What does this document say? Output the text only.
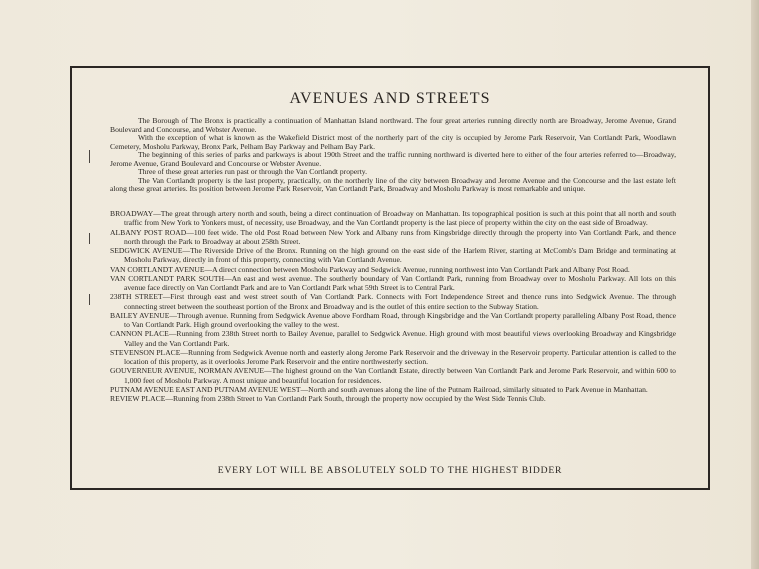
AVENUES AND STREETS

The Borough of The Bronx is practically a continuation of Manhattan Island northward. The four great arteries running directly north are Broadway, Jerome Avenue, Grand Boulevard and Concourse, and Webster Avenue.

With the exception of what is known as the Wakefield District most of the northerly part of the city is occupied by Jerome Park Reservoir, Van Cortlandt Park, Woodlawn Cemetery, Mosholu Parkway, Bronx Park, Pelham Bay Parkway and Pelham Bay Park.

The beginning of this series of parks and parkways is about 190th Street and the traffic running northward is diverted here to either of the four arteries referred to—Broadway, Jerome Avenue, Grand Boulevard and Concourse or Webster Avenue.

Three of these great arteries run past or through the Van Cortlandt property.

The Van Cortlandt property is the last property, practically, on the northerly line of the city between Broadway and Jerome Avenue and the Concourse and the last estate left along these great arteries. Its position between Jerome Park Reservoir, Van Cortlandt Park, Broadway and Mosholu Parkway is most remarkable and unique.

BROADWAY—The great through artery north and south, being a direct continuation of Broadway on Manhattan. Its topographical position is such at this point that all north and south traffic from New York to Yonkers must, of necessity, use Broadway, and the Van Cortlandt property is the last piece of property within the city on the east side of Broadway.

ALBANY POST ROAD—100 feet wide. The old Post Road between New York and Albany runs from Kingsbridge directly through the property into Van Cortlandt Park, and thence north through the Park to Broadway at about 258th Street.

SEDGWICK AVENUE—The Riverside Drive of the Bronx. Running on the high ground on the east side of the Harlem River, starting at McComb's Dam Bridge and terminating at Mosholu Parkway, directly in front of this property, connecting with Van Cortlandt Avenue.

VAN CORTLANDT AVENUE—A direct connection between Mosholu Parkway and Sedgwick Avenue, running northwest into Van Cortlandt Park and Albany Post Road.

VAN CORTLANDT PARK SOUTH—An east and west avenue. The southerly boundary of Van Cortlandt Park, running from Broadway over to Mosholu Parkway. All lots on this avenue face directly on Van Cortlandt Park and are to Van Cortlandt Park what 59th Street is to Central Park.

238TH STREET—First through east and west street south of Van Cortlandt Park. Connects with Fort Independence Street and thence runs into Sedgwick Avenue. The through connecting street between the southeast portion of the Bronx and Broadway and is the outlet of this entire section to the Subway Station.

BAILEY AVENUE—Through avenue. Running from Sedgwick Avenue above Fordham Road, through Kingsbridge and the Van Cortlandt property paralleling Albany Post Road, thence to Van Cortlandt Park. High ground overlooking the valley to the west.

CANNON PLACE—Running from 238th Street north to Bailey Avenue, parallel to Sedgwick Avenue. High ground with most beautiful views overlooking Broadway and Kingsbridge Valley and the Van Cortlandt Park.

STEVENSON PLACE—Running from Sedgwick Avenue north and easterly along Jerome Park Reservoir and the driveway in the Reservoir property. Particular attention is called to the location of this property, as it overlooks Jerome Park Reservoir and the entire northwesterly section.

GOUVERNEUR AVENUE, NORMAN AVENUE—The highest ground on the Van Cortlandt Estate, directly between Van Cortlandt Park and Jerome Park Reservoir, and within 600 to 1,000 feet of Mosholu Parkway. A most unique and beautiful location for residences.

PUTNAM AVENUE EAST AND PUTNAM AVENUE WEST—North and south avenues along the line of the Putnam Railroad, similarly situated to Park Avenue in Manhattan.

REVIEW PLACE—Running from 238th Street to Van Cortlandt Park South, through the property now occupied by the West Side Tennis Club.

EVERY LOT WILL BE ABSOLUTELY SOLD TO THE HIGHEST BIDDER
